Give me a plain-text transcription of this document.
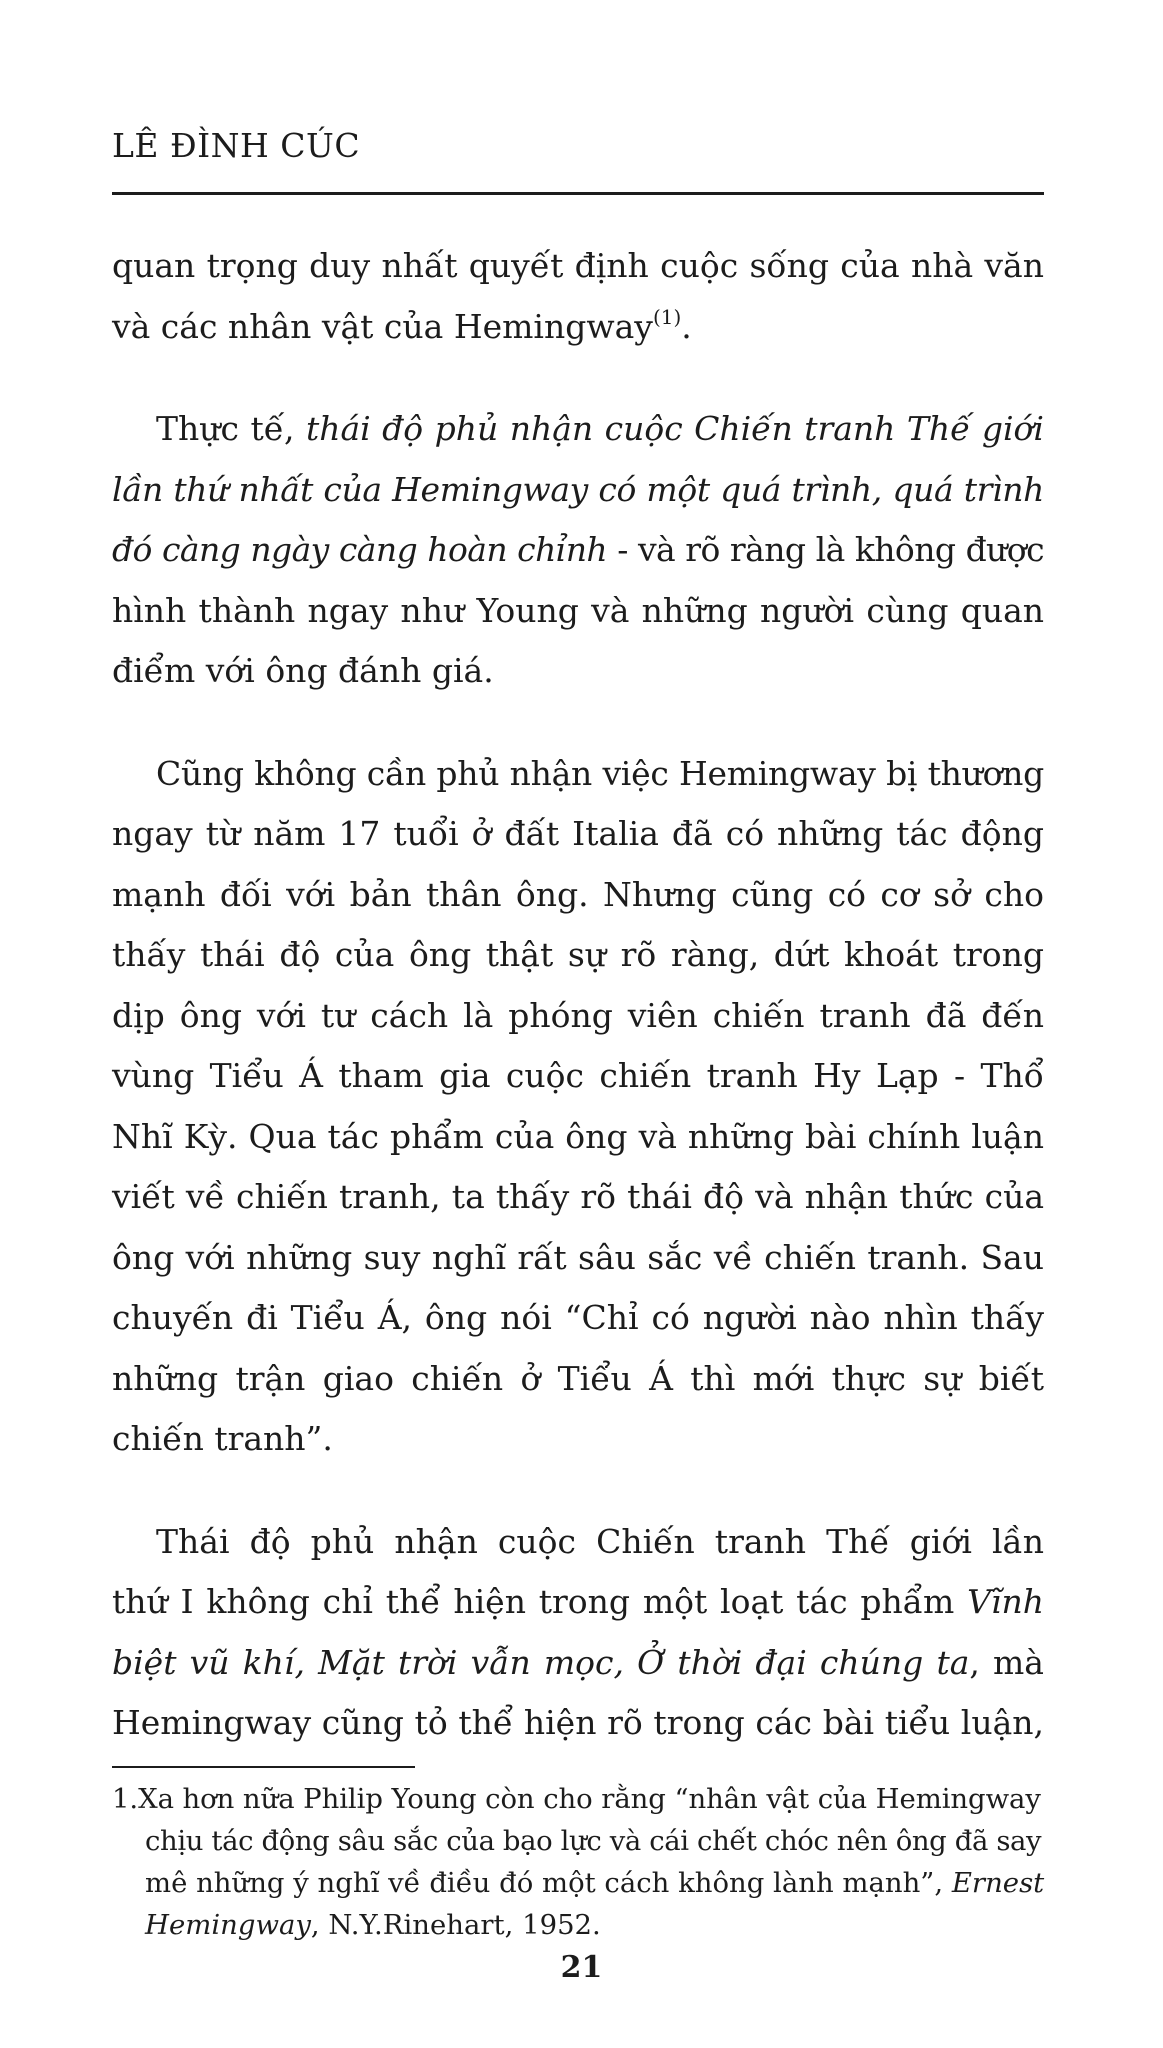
LÊ ĐÌNH CÚC
quan trọng duy nhất quyết định cuộc sống của nhà văn
và các nhân vật của Hemingway$^{(1)}$.
Thực tế, thái độ phủ nhận cuộc Chiến tranh Thế giới
lần thứ nhất của Hemingway có một quá trình, quá trình
đó càng ngày càng hoàn chỉnh - và rõ ràng là không được
hình thành ngay như Young và những người cùng quan
điểm với ông đánh giá.
Cũng không cần phủ nhận việc Hemingway bị thương
ngay từ năm 17 tuổi ở đất Italia đã có những tác động
mạnh đối với bản thân ông. Nhưng cũng có cơ sở cho
thấy thái độ của ông thật sự rõ ràng, dứt khoát trong
dịp ông với tư cách là phóng viên chiến tranh đã đến
vùng Tiểu Á tham gia cuộc chiến tranh Hy Lạp - Thổ
Nhĩ Kỳ. Qua tác phẩm của ông và những bài chính luận
viết về chiến tranh, ta thấy rõ thái độ và nhận thức của
ông với những suy nghĩ rất sâu sắc về chiến tranh. Sau
chuyến đi Tiểu Á, ông nói “Chỉ có người nào nhìn thấy
những trận giao chiến ở Tiểu Á thì mới thực sự biết
chiến tranh”.
Thái độ phủ nhận cuộc Chiến tranh Thế giới lần
thứ I không chỉ thể hiện trong một loạt tác phẩm Vĩnh
biệt vũ khí, Mặt trời vẫn mọc, Ở thời đại chúng ta, mà
Hemingway cũng tỏ thể hiện rõ trong các bài tiểu luận,
1.Xa hơn nữa Philip Young còn cho rằng “nhân vật của Hemingway
chịu tác động sâu sắc của bạo lực và cái chết chóc nên ông đã say
mê những ý nghĩ về điều đó một cách không lành mạnh”, Ernest
Hemingway, N.Y.Rinehart, 1952.
21
